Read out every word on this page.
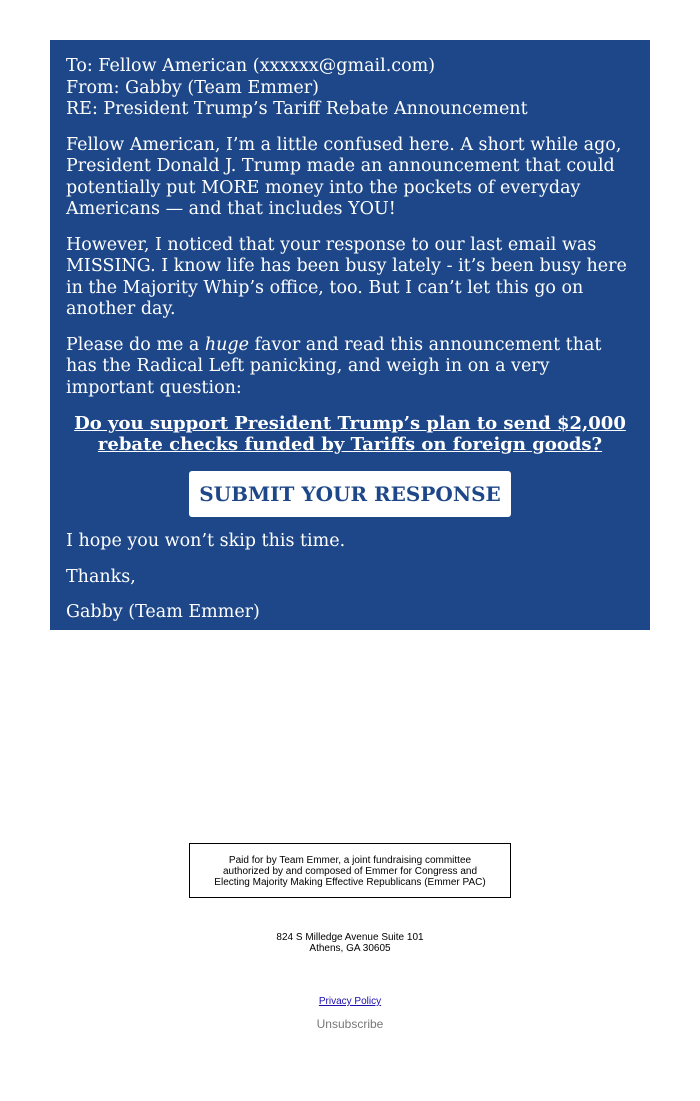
To: Fellow American (xxxxxx@gmail.com)
From: Gabby (Team Emmer)
RE: President Trump’s Tariff Rebate Announcement

Fellow American, I’m a little confused here. A short while ago, President Donald J. Trump made an announcement that could potentially put MORE money into the pockets of everyday Americans — and that includes YOU!

However, I noticed that your response to our last email was MISSING. I know life has been busy lately - it’s been busy here in the Majority Whip’s office, too. But I can’t let this go on another day.

Please do me a huge favor and read this announcement that has the Radical Left panicking, and weigh in on a very important question:

Do you support President Trump’s plan to send $2,000 rebate checks funded by Tariffs on foreign goods?
SUBMIT YOUR RESPONSE

I hope you won’t skip this time.

Thanks,

Gabby (Team Emmer)

Paid for by Team Emmer, a joint fundraising committee
authorized by and composed of Emmer for Congress and
Electing Majority Making Effective Republicans (Emmer PAC)
824 S Milledge Avenue Suite 101
Athens, GA 30605
Privacy Policy
Unsubscribe
